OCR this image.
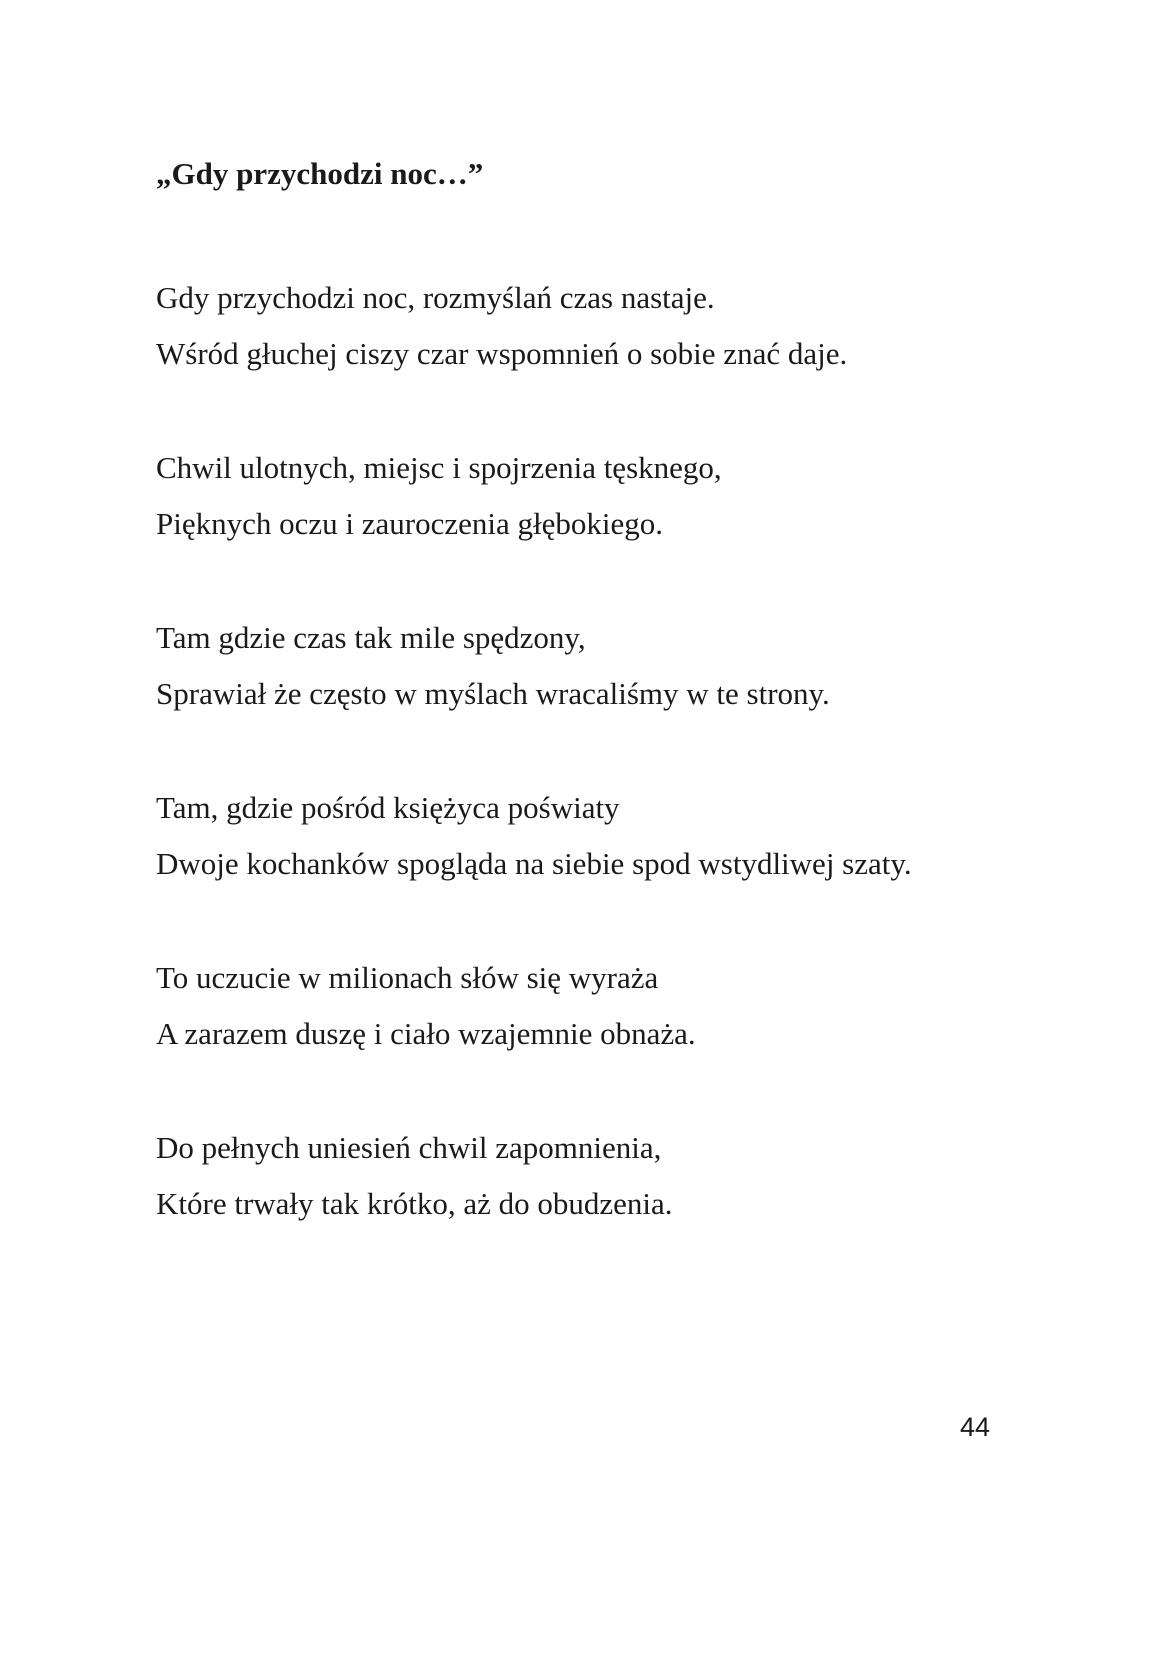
„Gdy przychodzi noc…”

Gdy przychodzi noc, rozmyślań czas nastaje.
Wśród głuchej ciszy czar wspomnień o sobie znać daje.

Chwil ulotnych, miejsc i spojrzenia tęsknego,
Pięknych oczu i zauroczenia głębokiego.

Tam gdzie czas tak mile spędzony,
Sprawiał że często w myślach wracaliśmy w te strony.

Tam, gdzie pośród księżyca poświaty
Dwoje kochanków spogląda na siebie spod wstydliwej szaty.

To uczucie w milionach słów się wyraża
A zarazem duszę i ciało wzajemnie obnaża.

Do pełnych uniesień chwil zapomnienia,
Które trwały tak krótko, aż do obudzenia.

44
